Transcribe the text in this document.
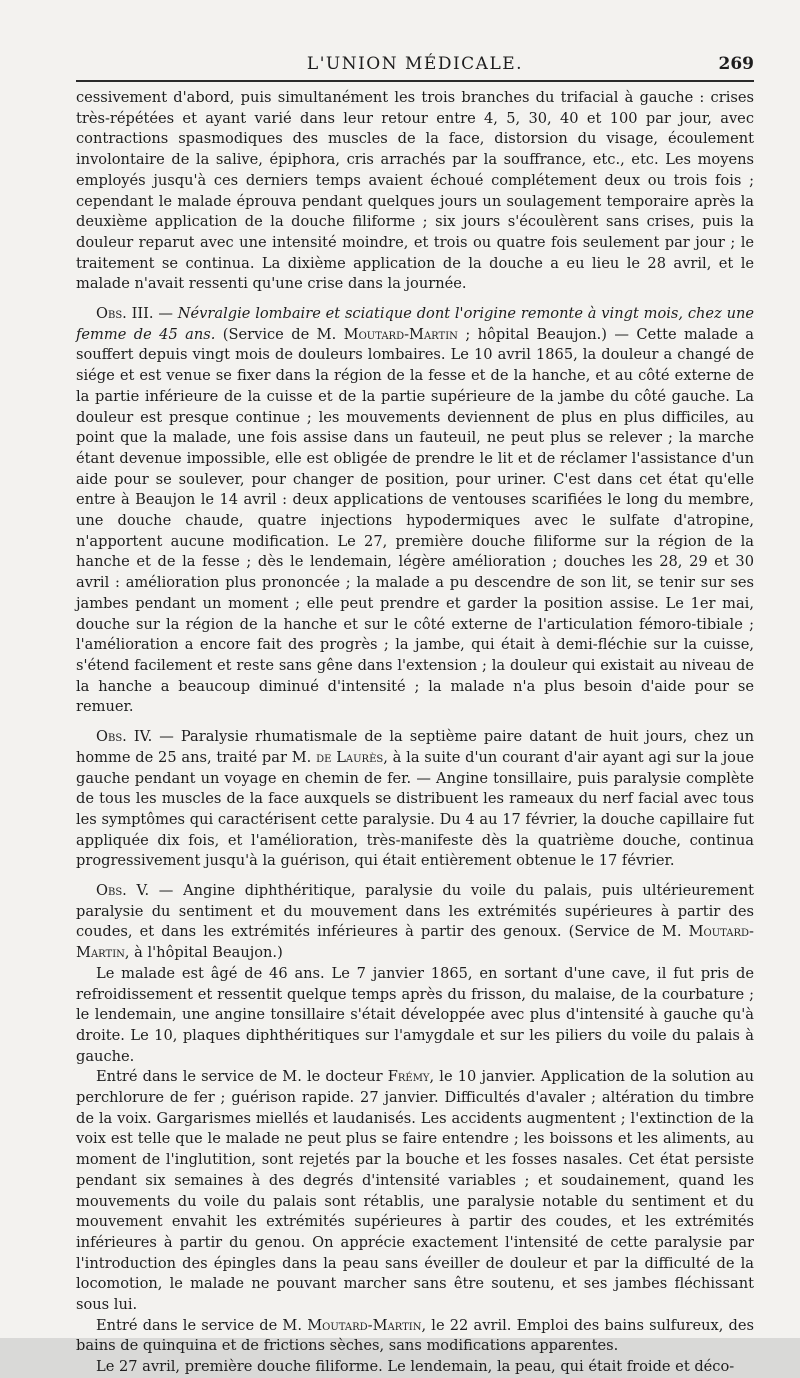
L'UNION MÉDICALE.	269

cessivement d'abord, puis simultanément les trois branches du trifacial à gauche : crises très-répétées et ayant varié dans leur retour entre 4, 5, 30, 40 et 100 par jour, avec contractions spasmodiques des muscles de la face, distorsion du visage, écoulement involontaire de la salive, épiphora, cris arrachés par la souffrance, etc., etc. Les moyens employés jusqu'à ces derniers temps avaient échoué complétement deux ou trois fois ; cependant le malade éprouva pendant quelques jours un soulagement temporaire après la deuxième application de la douche filiforme ; six jours s'écoulèrent sans crises, puis la douleur reparut avec une intensité moindre, et trois ou quatre fois seulement par jour ; le traitement se continua. La dixième application de la douche a eu lieu le 28 avril, et le malade n'avait ressenti qu'une crise dans la journée.

Obs. III. — Névralgie lombaire et sciatique dont l'origine remonte à vingt mois, chez une femme de 45 ans. (Service de M. Moutard-Martin ; hôpital Beaujon.) — Cette malade a souffert depuis vingt mois de douleurs lombaires. Le 10 avril 1865, la douleur a changé de siége et est venue se fixer dans la région de la fesse et de la hanche, et au côté externe de la partie inférieure de la cuisse et de la partie supérieure de la jambe du côté gauche. La douleur est presque continue ; les mouvements deviennent de plus en plus difficiles, au point que la malade, une fois assise dans un fauteuil, ne peut plus se relever ; la marche étant devenue impossible, elle est obligée de prendre le lit et de réclamer l'assistance d'un aide pour se soulever, pour changer de position, pour uriner. C'est dans cet état qu'elle entre à Beaujon le 14 avril : deux applications de ventouses scarifiées le long du membre, une douche chaude, quatre injections hypodermiques avec le sulfate d'atropine, n'apportent aucune modification. Le 27, première douche filiforme sur la région de la hanche et de la fesse ; dès le lendemain, légère amélioration ; douches les 28, 29 et 30 avril : amélioration plus prononcée ; la malade a pu descendre de son lit, se tenir sur ses jambes pendant un moment ; elle peut prendre et garder la position assise. Le 1er mai, douche sur la région de la hanche et sur le côté externe de l'articulation fémoro-tibiale ; l'amélioration a encore fait des progrès ; la jambe, qui était à demi-fléchie sur la cuisse, s'étend facilement et reste sans gêne dans l'extension ; la douleur qui existait au niveau de la hanche a beaucoup diminué d'intensité ; la malade n'a plus besoin d'aide pour se remuer.

Obs. IV. — Paralysie rhumatismale de la septième paire datant de huit jours, chez un homme de 25 ans, traité par M. de Laurès, à la suite d'un courant d'air ayant agi sur la joue gauche pendant un voyage en chemin de fer. — Angine tonsillaire, puis paralysie complète de tous les muscles de la face auxquels se distribuent les rameaux du nerf facial avec tous les symptômes qui caractérisent cette paralysie. Du 4 au 17 février, la douche capillaire fut appliquée dix fois, et l'amélioration, très-manifeste dès la quatrième douche, continua progressivement jusqu'à la guérison, qui était entièrement obtenue le 17 février.

Obs. V. — Angine diphthéritique, paralysie du voile du palais, puis ultérieurement paralysie du sentiment et du mouvement dans les extrémités supérieures à partir des coudes, et dans les extrémités inférieures à partir des genoux. (Service de M. Moutard-Martin, à l'hôpital Beaujon.)

Le malade est âgé de 46 ans. Le 7 janvier 1865, en sortant d'une cave, il fut pris de refroidissement et ressentit quelque temps après du frisson, du malaise, de la courbature ; le lendemain, une angine tonsillaire s'était développée avec plus d'intensité à gauche qu'à droite. Le 10, plaques diphthéritiques sur l'amygdale et sur les piliers du voile du palais à gauche.

Entré dans le service de M. le docteur Frémy, le 10 janvier. Application de la solution au perchlorure de fer ; guérison rapide. 27 janvier. Difficultés d'avaler ; altération du timbre de la voix. Gargarismes miellés et laudanisés. Les accidents augmentent ; l'extinction de la voix est telle que le malade ne peut plus se faire entendre ; les boissons et les aliments, au moment de l'inglutition, sont rejetés par la bouche et les fosses nasales. Cet état persiste pendant six semaines à des degrés d'intensité variables ; et soudainement, quand les mouvements du voile du palais sont rétablis, une paralysie notable du sentiment et du mouvement envahit les extrémités supérieures à partir des coudes, et les extrémités inférieures à partir du genou. On apprécie exactement l'intensité de cette paralysie par l'introduction des épingles dans la peau sans éveiller de douleur et par la difficulté de la locomotion, le malade ne pouvant marcher sans être soutenu, et ses jambes fléchissant sous lui.

Entré dans le service de M. Moutard-Martin, le 22 avril. Emploi des bains sulfureux, des bains de quinquina et de frictions sèches, sans modifications apparentes.

Le 27 avril, première douche filiforme. Le lendemain, la peau, qui était froide et déco-
